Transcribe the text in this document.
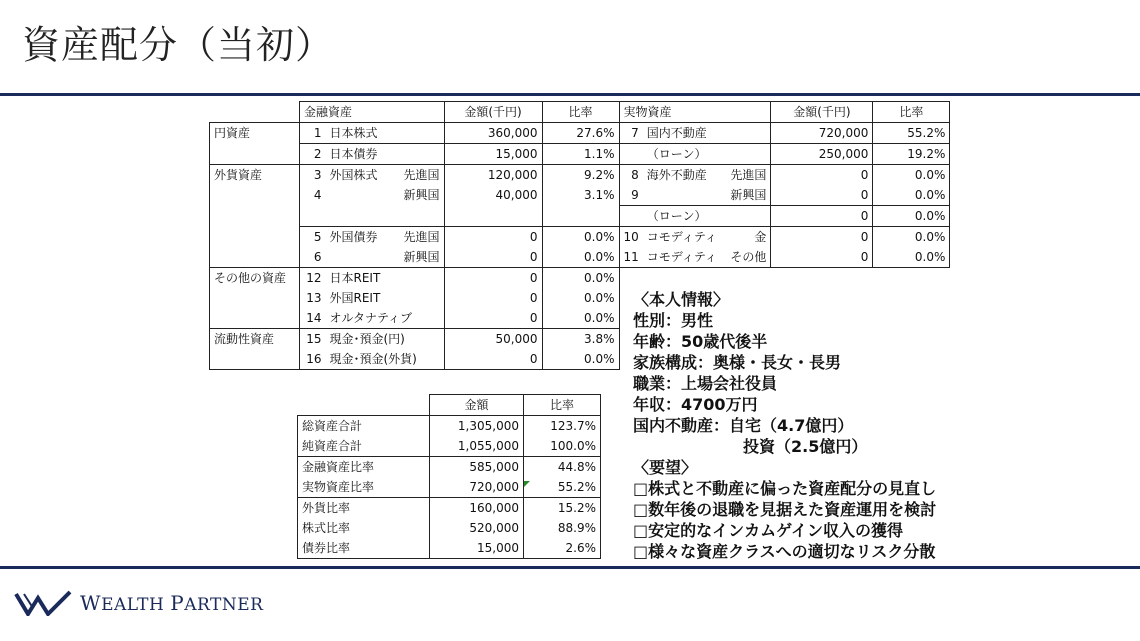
資産配分（当初）
	金融資産			金額(千円)	比率	実物資産			金額(千円)	比率
円資産	1	日本株式		360,000	27.6%	7	国内不動産		720,000	55.2%
	2	日本債券		15,000	1.1%		（ローン）		250,000	19.2%
外貨資産	3	外国株式	先進国	120,000	9.2%	8	海外不動産	先進国	0	0.0%
	4		新興国	40,000	3.1%	9		新興国	0	0.0%
							（ローン）		0	0.0%
	5	外国債券	先進国	0	0.0%	10	コモディティ	金	0	0.0%
	6		新興国	0	0.0%	11	コモディティ	その他	0	0.0%
その他の資産	12	日本REIT		0	0.0%					
	13	外国REIT		0	0.0%					
	14	オルタナティブ		0	0.0%					
流動性資産	15	現金･預金(円)		50,000	3.8%					
	16	現金･預金(外貨)		0	0.0%					
	金額	比率
総資産合計	1,305,000	123.7%
純資産合計	1,055,000	100.0%
金融資産比率	585,000	44.8%
実物資産比率	720,000	55.2%
外貨比率	160,000	15.2%
株式比率	520,000	88.9%
債券比率	15,000	2.6%
〈本人情報〉
性別：男性
年齢：50歳代後半
家族構成：奥様・長女・長男
職業：上場会社役員
年収：4700万円
国内不動産：自宅（4.7億円）
投資（2.5億円）
〈要望〉
□株式と不動産に偏った資産配分の見直し
□数年後の退職を見据えた資産運用を検討
□安定的なインカムゲイン収入の獲得
□様々な資産クラスへの適切なリスク分散
WEALTH PARTNER
